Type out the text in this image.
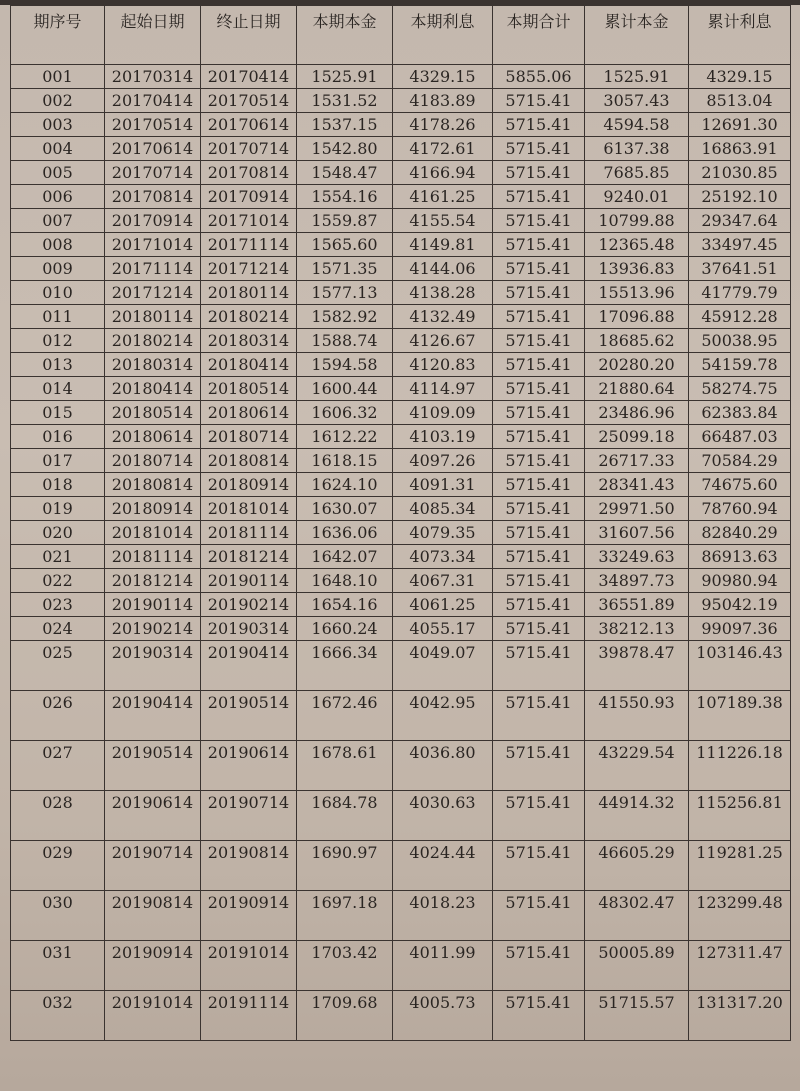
期序号	起始日期	终止日期	本期本金	本期利息	本期合计	累计本金	累计利息
001	20170314	20170414	1525.91	4329.15	5855.06	1525.91	4329.15
002	20170414	20170514	1531.52	4183.89	5715.41	3057.43	8513.04
003	20170514	20170614	1537.15	4178.26	5715.41	4594.58	12691.30
004	20170614	20170714	1542.80	4172.61	5715.41	6137.38	16863.91
005	20170714	20170814	1548.47	4166.94	5715.41	7685.85	21030.85
006	20170814	20170914	1554.16	4161.25	5715.41	9240.01	25192.10
007	20170914	20171014	1559.87	4155.54	5715.41	10799.88	29347.64
008	20171014	20171114	1565.60	4149.81	5715.41	12365.48	33497.45
009	20171114	20171214	1571.35	4144.06	5715.41	13936.83	37641.51
010	20171214	20180114	1577.13	4138.28	5715.41	15513.96	41779.79
011	20180114	20180214	1582.92	4132.49	5715.41	17096.88	45912.28
012	20180214	20180314	1588.74	4126.67	5715.41	18685.62	50038.95
013	20180314	20180414	1594.58	4120.83	5715.41	20280.20	54159.78
014	20180414	20180514	1600.44	4114.97	5715.41	21880.64	58274.75
015	20180514	20180614	1606.32	4109.09	5715.41	23486.96	62383.84
016	20180614	20180714	1612.22	4103.19	5715.41	25099.18	66487.03
017	20180714	20180814	1618.15	4097.26	5715.41	26717.33	70584.29
018	20180814	20180914	1624.10	4091.31	5715.41	28341.43	74675.60
019	20180914	20181014	1630.07	4085.34	5715.41	29971.50	78760.94
020	20181014	20181114	1636.06	4079.35	5715.41	31607.56	82840.29
021	20181114	20181214	1642.07	4073.34	5715.41	33249.63	86913.63
022	20181214	20190114	1648.10	4067.31	5715.41	34897.73	90980.94
023	20190114	20190214	1654.16	4061.25	5715.41	36551.89	95042.19
024	20190214	20190314	1660.24	4055.17	5715.41	38212.13	99097.36
025	20190314	20190414	1666.34	4049.07	5715.41	39878.47	103146.43
026	20190414	20190514	1672.46	4042.95	5715.41	41550.93	107189.38
027	20190514	20190614	1678.61	4036.80	5715.41	43229.54	111226.18
028	20190614	20190714	1684.78	4030.63	5715.41	44914.32	115256.81
029	20190714	20190814	1690.97	4024.44	5715.41	46605.29	119281.25
030	20190814	20190914	1697.18	4018.23	5715.41	48302.47	123299.48
031	20190914	20191014	1703.42	4011.99	5715.41	50005.89	127311.47
032	20191014	20191114	1709.68	4005.73	5715.41	51715.57	131317.20
